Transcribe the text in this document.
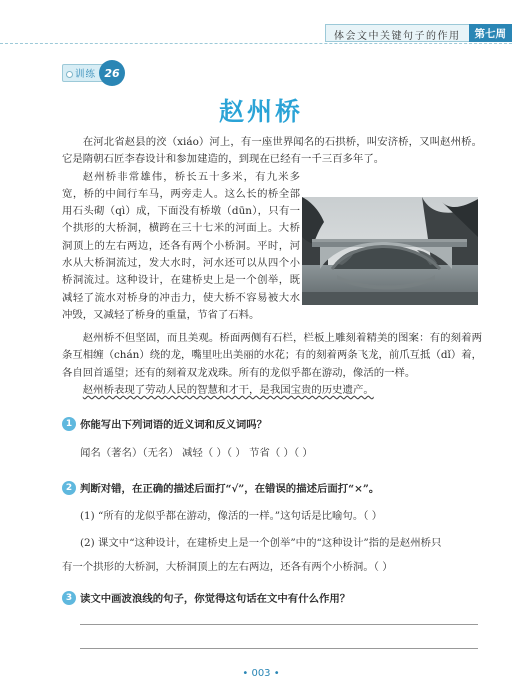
体会文中关键句子的作用	第七周
训练 26
赵州桥

在河北省赵县的洨（xiáo）河上，有一座世界闻名的石拱桥，叫安济桥，又叫赵州桥。它是隋朝石匠李春设计和参加建造的，到现在已经有一千三百多年了。

赵州桥非常雄伟，桥长五十多米，有九米多宽，桥的中间行车马，两旁走人。这么长的桥全部用石头砌（qì）成，下面没有桥墩（dūn），只有一个拱形的大桥洞，横跨在三十七米的河面上。大桥洞顶上的左右两边，还各有两个小桥洞。平时，河水从大桥洞流过，发大水时，河水还可以从四个小桥洞流过。这种设计，在建桥史上是一个创举，既减轻了流水对桥身的冲击力，使大桥不容易被大水冲毁，又减轻了桥身的重量，节省了石料。

赵州桥不但坚固，而且美观。桥面两侧有石栏，栏板上雕刻着精美的图案：有的刻着两条互相缠（chán）绕的龙，嘴里吐出美丽的水花；有的刻着两条飞龙，前爪互抵（dǐ）着，各自回首遥望；还有的刻着双龙戏珠。所有的龙似乎都在游动，像活的一样。

赵州桥表现了劳动人民的智慧和才干，是我国宝贵的历史遗产。

1 你能写出下列词语的近义词和反义词吗？
闻名（著名）（无名） 减轻（ ）（ ） 节省（ ）（ ）
2 判断对错，在正确的描述后面打“√”，在错误的描述后面打“×”。
(1) “所有的龙似乎都在游动，像活的一样。”这句话是比喻句。（ ）
(2) 课文中“这种设计，在建桥史上是一个创举”中的“这种设计”指的是赵州桥只
有一个拱形的大桥洞，大桥洞顶上的左右两边，还各有两个小桥洞。（ ）
3 读文中画波浪线的句子，你觉得这句话在文中有什么作用？
• 003 •
